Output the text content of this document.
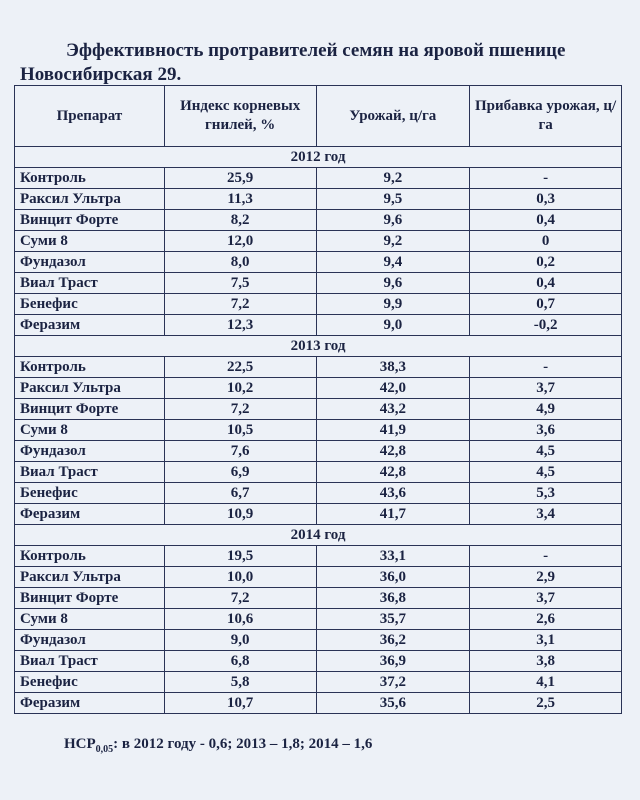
Эффективность протравителей семян на яровой пшенице
Новосибирская 29.
Препарат	Индекс корневых гнилей, %	Урожай, ц/га	Прибавка урожая, ц/га
2012 год			
Контроль	25,9	9,2	-
Раксил Ультра	11,3	9,5	0,3
Винцит Форте	8,2	9,6	0,4
Суми 8	12,0	9,2	0
Фундазол	8,0	9,4	0,2
Виал Траст	7,5	9,6	0,4
Бенефис	7,2	9,9	0,7
Феразим	12,3	9,0	-0,2
2013 год			
Контроль	22,5	38,3	-
Раксил Ультра	10,2	42,0	3,7
Винцит Форте	7,2	43,2	4,9
Суми 8	10,5	41,9	3,6
Фундазол	7,6	42,8	4,5
Виал Траст	6,9	42,8	4,5
Бенефис	6,7	43,6	5,3
Феразим	10,9	41,7	3,4
2014 год			
Контроль	19,5	33,1	-
Раксил Ультра	10,0	36,0	2,9
Винцит Форте	7,2	36,8	3,7
Суми 8	10,6	35,7	2,6
Фундазол	9,0	36,2	3,1
Виал Траст	6,8	36,9	3,8
Бенефис	5,8	37,2	4,1
Феразим	10,7	35,6	2,5
$НСР_{0,05}$: в 2012 году - 0,6; 2013 – 1,8; 2014 – 1,6
